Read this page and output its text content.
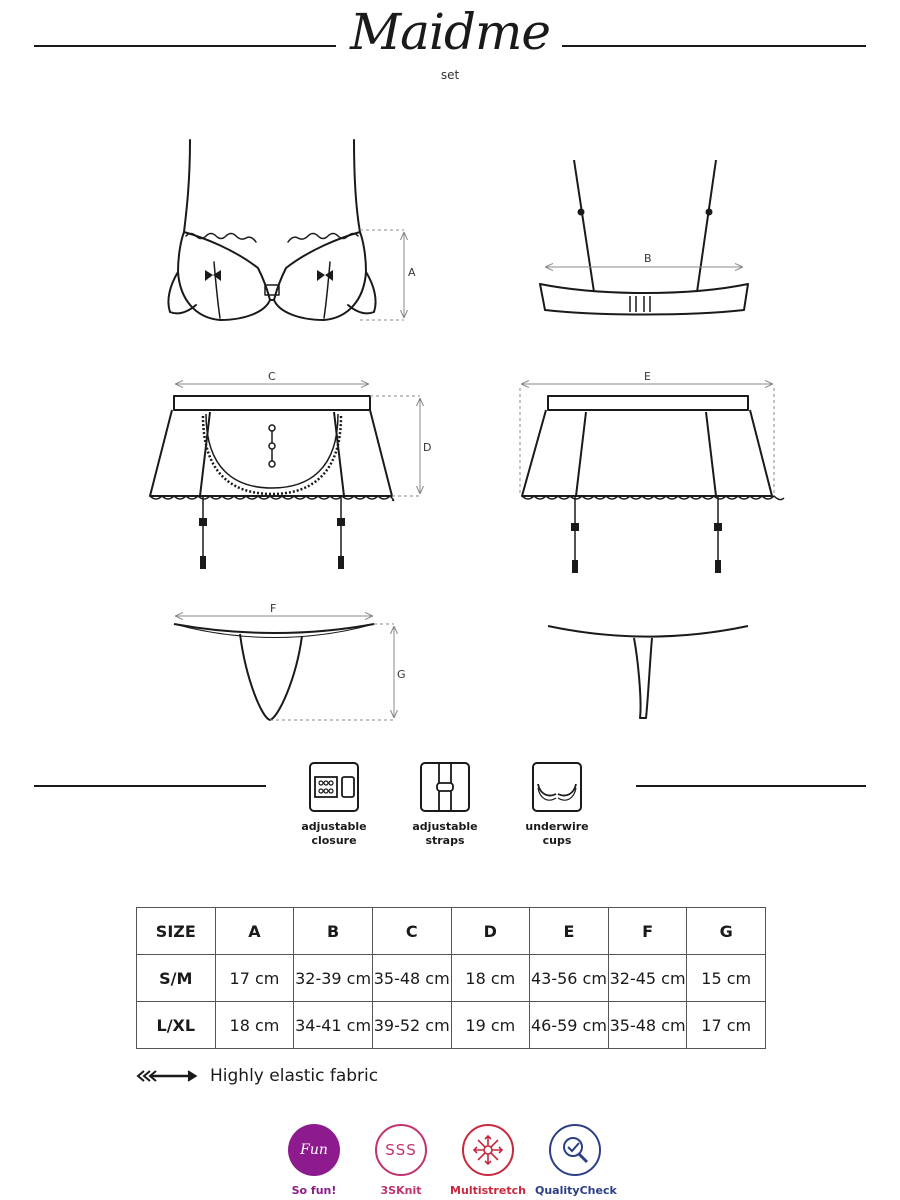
Maidme
set
A
B
C
D
E
F
G
adjustable
closure
adjustable
straps
underwire
cups
SIZE	A	B	C	D	E	F	G
S/M	17 cm	32-39 cm	35-48 cm	18 cm	43-56 cm	32-45 cm	15 cm
L/XL	18 cm	34-41 cm	39-52 cm	19 cm	46-59 cm	35-48 cm	17 cm
Highly elastic fabric
Fun
So fun!
SSS
3SKnit	Multistretch QualityCheck
